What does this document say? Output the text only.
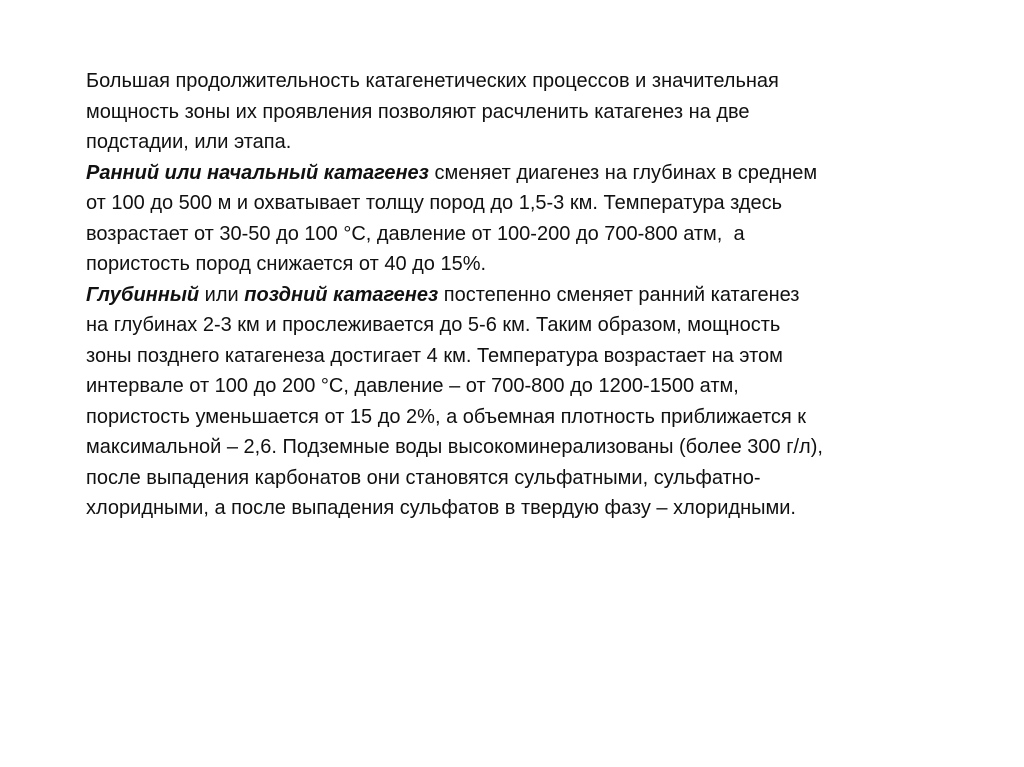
Большая продолжительность катагенетических процессов и значительная
мощность зоны их проявления позволяют расчленить катагенез на две
подстадии, или этапа.
Ранний или начальный катагенез сменяет диагенез на глубинах в среднем
от 100 до 500 м и охватывает толщу пород до 1,5-3 км. Температура здесь
возрастает от 30-50 до 100 °С, давление от 100-200 до 700-800 атм,  а
пористость пород снижается от 40 до 15%.
Глубинный или поздний катагенез постепенно сменяет ранний катагенез
на глубинах 2-3 км и прослеживается до 5-6 км. Таким образом, мощность
зоны позднего катагенеза достигает 4 км. Температура возрастает на этом
интервале от 100 до 200 °С, давление – от 700-800 до 1200-1500 атм,
пористость уменьшается от 15 до 2%, а объемная плотность приближается к
максимальной – 2,6. Подземные воды высокоминерализованы (более 300 г/л),
после выпадения карбонатов они становятся сульфатными, сульфатно-
хлоридными, а после выпадения сульфатов в твердую фазу – хлоридными.
